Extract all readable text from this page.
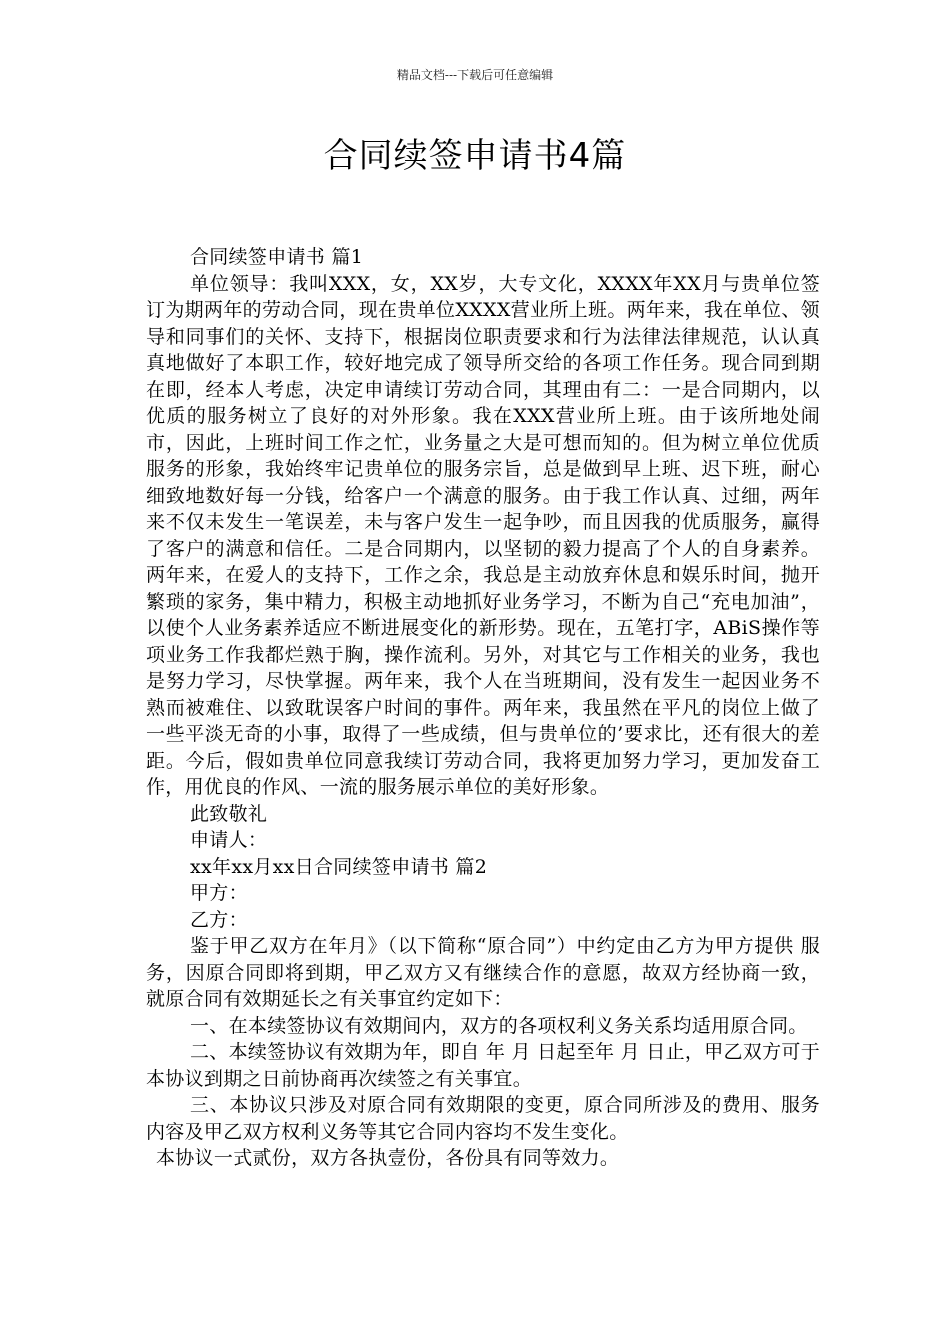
精品文档---下载后可任意编辑
合同续签申请书4篇

合同续签申请书 篇1

单位领导：我叫XXX，女，XX岁，大专文化，XXXX年XX月与贵单位签订为期两年的劳动合同，现在贵单位XXXX营业所上班。两年来，我在单位、领导和同事们的关怀、支持下，根据岗位职责要求和行为法律法律规范，认认真真地做好了本职工作，较好地完成了领导所交给的各项工作任务。现合同到期在即，经本人考虑，决定申请续订劳动合同，其理由有二：一是合同期内，以优质的服务树立了良好的对外形象。我在XXX营业所上班。由于该所地处闹市，因此，上班时间工作之忙，业务量之大是可想而知的。但为树立单位优质服务的形象，我始终牢记贵单位的服务宗旨，总是做到早上班、迟下班，耐心细致地数好每一分钱，给客户一个满意的服务。由于我工作认真、过细，两年来不仅未发生一笔误差，未与客户发生一起争吵，而且因我的优质服务，赢得了客户的满意和信任。二是合同期内，以坚韧的毅力提高了个人的自身素养。两年来，在爱人的支持下，工作之余，我总是主动放弃休息和娱乐时间，抛开繁琐的家务，集中精力，积极主动地抓好业务学习，不断为自己“充电加油”，以使个人业务素养适应不断进展变化的新形势。现在，五笔打字，ABiS操作等项业务工作我都烂熟于胸，操作流利。另外，对其它与工作相关的业务，我也是努力学习，尽快掌握。两年来，我个人在当班期间，没有发生一起因业务不熟而被难住、以致耽误客户时间的事件。两年来，我虽然在平凡的岗位上做了一些平淡无奇的小事，取得了一些成绩，但与贵单位的’要求比，还有很大的差距。今后，假如贵单位同意我续订劳动合同，我将更加努力学习，更加发奋工作，用优良的作风、一流的服务展示单位的美好形象。

此致敬礼

申请人：

xx年xx月xx日合同续签申请书 篇2

甲方：

乙方：

鉴于甲乙双方在年月》（以下简称“原合同”）中约定由乙方为甲方提供 服务，因原合同即将到期，甲乙双方又有继续合作的意愿，故双方经协商一致，就原合同有效期延长之有关事宜约定如下：

一、在本续签协议有效期间内，双方的各项权利义务关系均适用原合同。

二、本续签协议有效期为年，即自 年 月 日起至年 月 日止，甲乙双方可于本协议到期之日前协商再次续签之有关事宜。

三、本协议只涉及对原合同有效期限的变更，原合同所涉及的费用、服务内容及甲乙双方权利义务等其它合同内容均不发生变化。

本协议一式贰份，双方各执壹份，各份具有同等效力。
